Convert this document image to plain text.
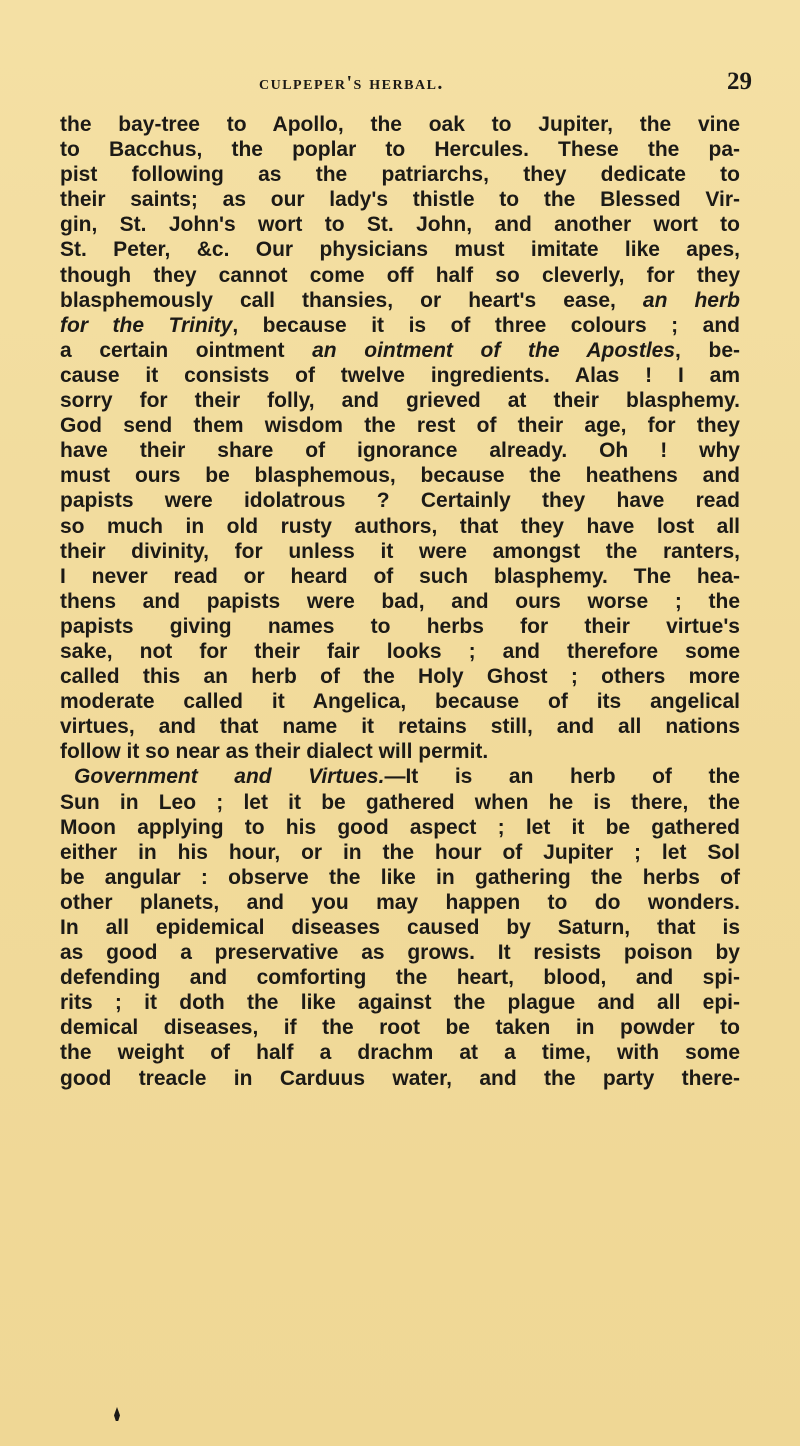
culpeper's herbal.	29
the bay-tree to Apollo, the oak to Jupiter, the vine
to Bacchus, the poplar to Hercules. These the pa-
pist following as the patriarchs, they dedicate to
their saints; as our lady's thistle to the Blessed Vir-
gin, St. John's wort to St. John, and another wort to
St. Peter, &c. Our physicians must imitate like apes,
though they cannot come off half so cleverly, for they
blasphemously call thansies, or heart's ease, an herb
for the Trinity, because it is of three colours ; and
a certain ointment an ointment of the Apostles, be-
cause it consists of twelve ingredients. Alas ! I am
sorry for their folly, and grieved at their blasphemy.
God send them wisdom the rest of their age, for they
have their share of ignorance already. Oh ! why
must ours be blasphemous, because the heathens and
papists were idolatrous ? Certainly they have read
so much in old rusty authors, that they have lost all
their divinity, for unless it were amongst the ranters,
I never read or heard of such blasphemy. The hea-
thens and papists were bad, and ours worse ; the
papists giving names to herbs for their virtue's
sake, not for their fair looks ; and therefore some
called this an herb of the Holy Ghost ; others more
moderate called it Angelica, because of its angelical
virtues, and that name it retains still, and all nations
follow it so near as their dialect will permit.
Government and Virtues.—It is an herb of the
Sun in Leo ; let it be gathered when he is there, the
Moon applying to his good aspect ; let it be gathered
either in his hour, or in the hour of Jupiter ; let Sol
be angular : observe the like in gathering the herbs of
other planets, and you may happen to do wonders.
In all epidemical diseases caused by Saturn, that is
as good a preservative as grows. It resists poison by
defending and comforting the heart, blood, and spi-
rits ; it doth the like against the plague and all epi-
demical diseases, if the root be taken in powder to
the weight of half a drachm at a time, with some
good treacle in Carduus water, and the party there-
